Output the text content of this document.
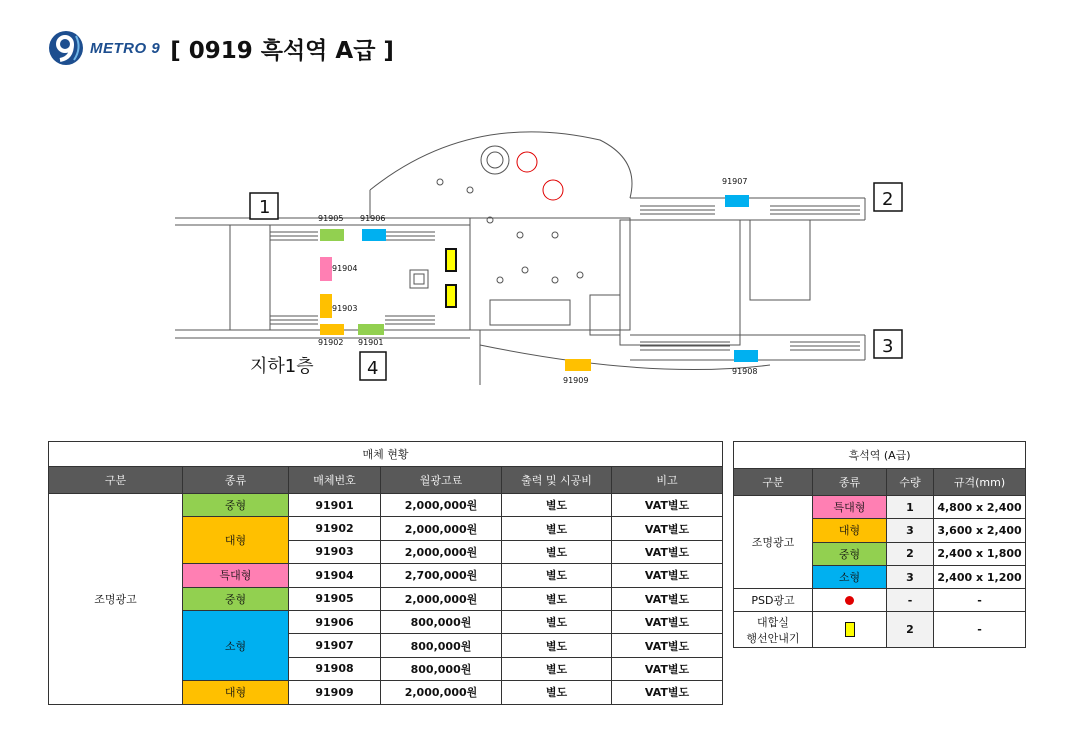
METRO 9 [ 0919 흑석역 A급 ]
91905 91906
91904
91903
91902 91901
91907
91908
91909
1	2
3
4
지하1층
매체 현황					
구분	종류	매체번호	월광고료	출력 및 시공비	비고
조명광고	중형	91901	2,000,000원	별도	VAT별도
	대형	91902	2,000,000원	별도	VAT별도
		91903	2,000,000원	별도	VAT별도
	특대형	91904	2,700,000원	별도	VAT별도
	중형	91905	2,000,000원	별도	VAT별도
	소형	91906	800,000원	별도	VAT별도
		91907	800,000원	별도	VAT별도
		91908	800,000원	별도	VAT별도
	대형	91909	2,000,000원	별도	VAT별도
흑석역 (A급)			
구분	종류	수량	규격(mm)
조명광고	특대형	1	4,800 x 2,400
	대형	3	3,600 x 2,400
	중형	2	2,400 x 1,800
	소형	3	2,400 x 1,200
PSD광고		-	-

대합실
행선안내기		2	-
